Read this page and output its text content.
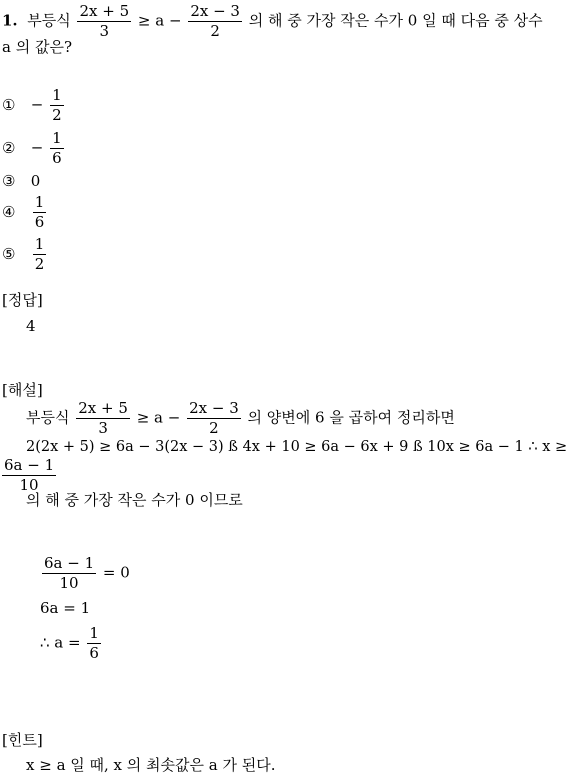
1. 부등식 $\frac{2x + 5}{3} \ge a - \frac{2x - 3}{2}$ 의 해 중 가장 작은 수가 0 일 때 다음 중 상수
a 의 값은?
① − $\frac{1}{2}$
② − $\frac{1}{6}$
③ 0
④ $\frac{1}{6}$
⑤ $\frac{1}{2}$
[정답]
4
[해설]
부등식 $\frac{2x + 5}{3} \ge a - \frac{2x - 3}{2}$ 의 양변에 6 을 곱하여 정리하면
2(2x + 5) ≥ 6a − 3(2x − 3) ß 4x + 10 ≥ 6a − 6x + 9 ß 10x ≥ 6a − 1 ∴ x ≥
$\frac{6a - 1}{10}$
의 해 중 가장 작은 수가 0 이므로
$\frac{6a - 1}{10} = 0$
6a = 1
∴ $a = \frac{1}{6}$
[힌트]
x ≥ a 일 때, x 의 최솟값은 a 가 된다.
